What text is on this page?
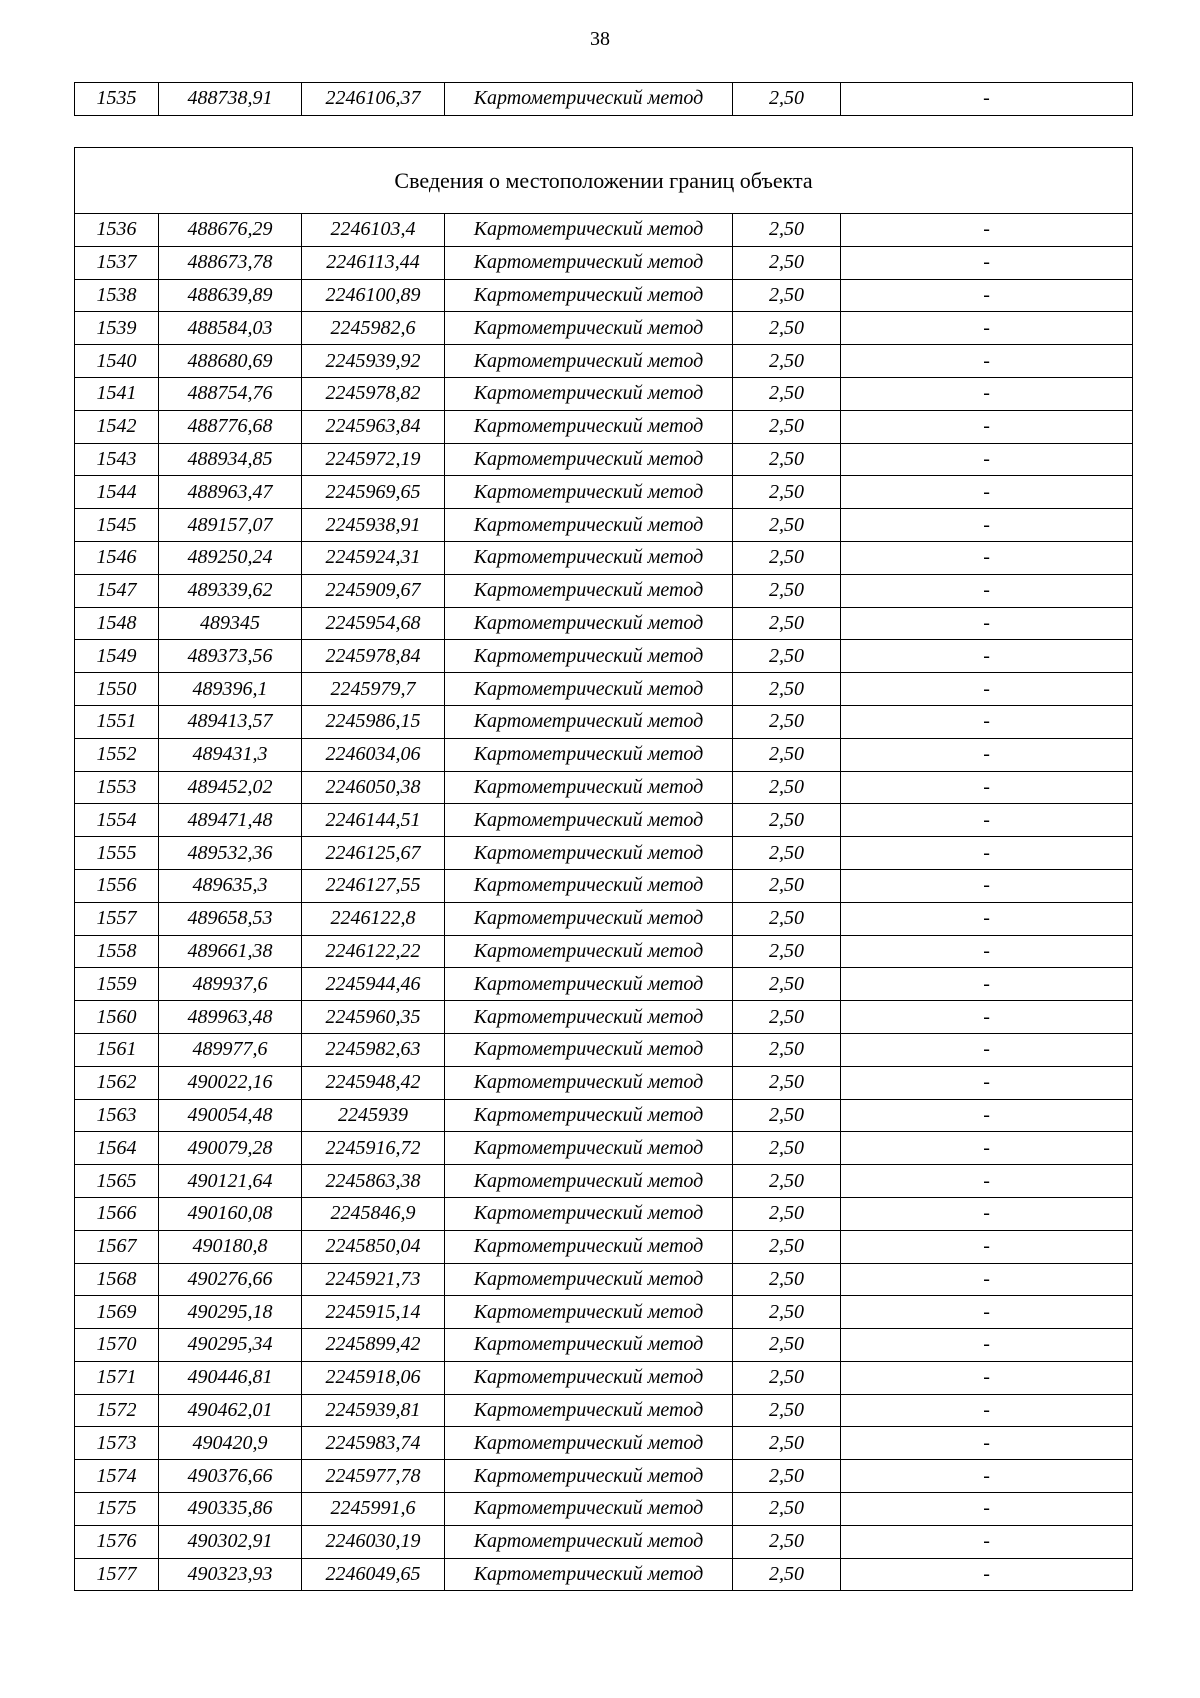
38
1535	488738,91	2246106,37	Картометрический метод	2,50	-
Сведения о местоположении границ объекта					
1536	488676,29	2246103,4	Картометрический метод	2,50	-
1537	488673,78	2246113,44	Картометрический метод	2,50	-
1538	488639,89	2246100,89	Картометрический метод	2,50	-
1539	488584,03	2245982,6	Картометрический метод	2,50	-
1540	488680,69	2245939,92	Картометрический метод	2,50	-
1541	488754,76	2245978,82	Картометрический метод	2,50	-
1542	488776,68	2245963,84	Картометрический метод	2,50	-
1543	488934,85	2245972,19	Картометрический метод	2,50	-
1544	488963,47	2245969,65	Картометрический метод	2,50	-
1545	489157,07	2245938,91	Картометрический метод	2,50	-
1546	489250,24	2245924,31	Картометрический метод	2,50	-
1547	489339,62	2245909,67	Картометрический метод	2,50	-
1548	489345	2245954,68	Картометрический метод	2,50	-
1549	489373,56	2245978,84	Картометрический метод	2,50	-
1550	489396,1	2245979,7	Картометрический метод	2,50	-
1551	489413,57	2245986,15	Картометрический метод	2,50	-
1552	489431,3	2246034,06	Картометрический метод	2,50	-
1553	489452,02	2246050,38	Картометрический метод	2,50	-
1554	489471,48	2246144,51	Картометрический метод	2,50	-
1555	489532,36	2246125,67	Картометрический метод	2,50	-
1556	489635,3	2246127,55	Картометрический метод	2,50	-
1557	489658,53	2246122,8	Картометрический метод	2,50	-
1558	489661,38	2246122,22	Картометрический метод	2,50	-
1559	489937,6	2245944,46	Картометрический метод	2,50	-
1560	489963,48	2245960,35	Картометрический метод	2,50	-
1561	489977,6	2245982,63	Картометрический метод	2,50	-
1562	490022,16	2245948,42	Картометрический метод	2,50	-
1563	490054,48	2245939	Картометрический метод	2,50	-
1564	490079,28	2245916,72	Картометрический метод	2,50	-
1565	490121,64	2245863,38	Картометрический метод	2,50	-
1566	490160,08	2245846,9	Картометрический метод	2,50	-
1567	490180,8	2245850,04	Картометрический метод	2,50	-
1568	490276,66	2245921,73	Картометрический метод	2,50	-
1569	490295,18	2245915,14	Картометрический метод	2,50	-
1570	490295,34	2245899,42	Картометрический метод	2,50	-
1571	490446,81	2245918,06	Картометрический метод	2,50	-
1572	490462,01	2245939,81	Картометрический метод	2,50	-
1573	490420,9	2245983,74	Картометрический метод	2,50	-
1574	490376,66	2245977,78	Картометрический метод	2,50	-
1575	490335,86	2245991,6	Картометрический метод	2,50	-
1576	490302,91	2246030,19	Картометрический метод	2,50	-
1577	490323,93	2246049,65	Картометрический метод	2,50	-
